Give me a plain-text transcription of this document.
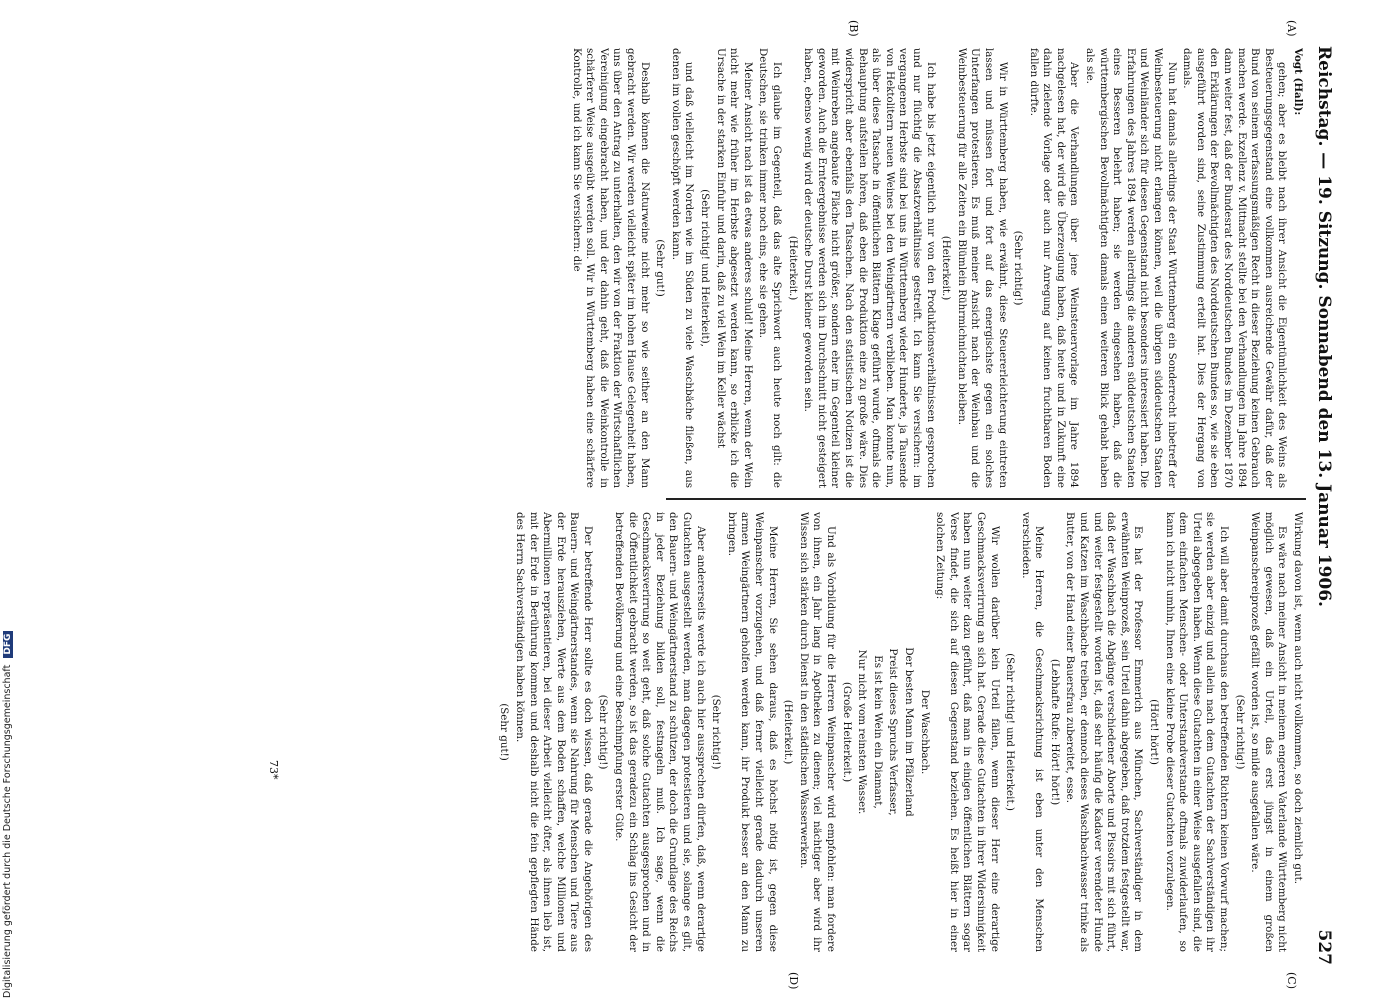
Reichstag. — 19. Sitzung. Sonnabend den 13. Januar 1906.
527
(A)
(B)
(C)
(D)

Vogt (Hall):

gehen; aber es bleibt nach ihrer Ansicht die Eigentümlichkeit des Weins als Besteuerungsgegenstand eine vollkommen ausreichende Gewähr dafür, daß der Bund von seinem verfassungsmäßigen Recht in dieser Beziehung keinen Gebrauch machen werde. Exzellenz v. Mittnacht stellte bei den Verhandlungen im Jahre 1894 dann weiter fest, daß der Bundesrat des Norddeutschen Bundes im Dezember 1870 den Erklärungen der Bevollmächtigten des Norddeutschen Bundes so, wie sie eben ausgeführt worden sind, seine Zustimmung erteilt hat. Dies der Hergang von damals.

Nun hat damals allerdings der Staat Württemberg ein Sonderrecht inbetreff der Weinbesteuerung nicht erlangen können, weil die übrigen süddeutschen Staaten und Weinländer sich für diesen Gegenstand nicht besonders interessiert haben. Die Erfahrungen des Jahres 1894 werden allerdings die anderen süddeutschen Staaten eines Besseren belehrt haben; sie werden eingesehen haben, daß die württembergischen Bevollmächtigten damals einen weiteren Blick gehabt haben als sie.

Aber die Verhandlungen über jene Weinsteuervorlage im Jahre 1894 nachgelesen hat, der wird die Überzeugung haben, daß heute und in Zukunft eine dahin zielende Vorlage oder auch nur Anregung auf keinen fruchtbaren Boden fallen dürfte.

(Sehr richtig!)

Wir in Württemberg haben, wie erwähnt, diese Steuererleichterung eintreten lassen und müssen fort und fort auf das energischste gegen ein solches Unterfangen protestieren. Es muß meiner Ansicht nach der Weinbau und die Weinbesteuerung für alle Zeiten ein Blümlein Rührmichnichtan bleiben.

(Heiterkeit.)

Ich habe bis jetzt eigentlich nur von den Produktionsverhältnissen gesprochen und nur flüchtig die Absatzverhältnisse gestreift. Ich kann Sie versichern: im vergangenen Herbste sind bei uns in Württemberg wieder Hunderte, ja Tausende von Hektolitern neuen Weines bei den Weingärtnern verblieben. Man konnte nun, als über diese Tatsache in öffentlichen Blättern Klage geführt wurde, oftmals die Behauptung aufstellen hören, daß eben die Produktion eine zu große wäre. Dies widerspricht aber ebenfalls den Tatsachen. Nach den statistischen Notizen ist die mit Weinreben angebaute Fläche nicht größer, sondern eher im Gegenteil kleiner geworden. Auch die Ernteergebnisse werden sich im Durchschnitt nicht gesteigert haben, ebenso wenig wird der deutsche Durst kleiner geworden sein.

(Heiterkeit.)

Ich glaube im Gegenteil, daß das alte Sprichwort auch heute noch gilt: die Deutschen, sie trinken immer noch eins, ehe sie gehen.

Meiner Ansicht nach ist da etwas anderes schuld! Meine Herren, wenn der Wein nicht mehr wie früher im Herbste abgesetzt werden kann, so erblicke ich die Ursache in der starken Einfuhr und darin, daß zu viel Wein im Keller wächst

(Sehr richtig! und Heiterkeit),

und daß vielleicht im Norden wie im Süden zu viele Waschbäche fließen, aus denen im vollen geschöpft werden kann.

(Sehr gut!)

Deshalb können die Naturweine nicht mehr so wie seither an den Mann gebracht werden. Wir werden vielleicht später im hohen Hause Gelegenheit haben, uns über den Antrag zu unterhalten, den wir von der Fraktion der Wirtschaftlichen Vereinigung eingebracht haben, und der dahin geht, daß die Weinkontrolle in schärferer Weise ausgeübt werden soll. Wir in Württemberg haben eine schärfere Kontrolle, und ich kann Sie versichern: die

Wirkung davon ist, wenn auch nicht vollkommen, so doch ziemlich gut.

Es wäre nach meiner Ansicht in meinem engeren Vaterlande Württemberg nicht möglich gewesen, daß ein Urteil, das erst jüngst in einem großen Weinpanschereiprozeß gefällt worden ist, so milde ausgefallen wäre.

(Sehr richtig!)

Ich will aber damit durchaus den betreffenden Richtern keinen Vorwurf machen; sie werden aber einzig und allein nach dem Gutachten der Sachverständigen ihr Urteil abgegeben haben. Wenn diese Gutachten in einer Weise ausgefallen sind, die dem einfachen Menschen- oder Unterstandverstande oftmals zuwiderlaufen, so kann ich nicht umhin, Ihnen eine kleine Probe dieser Gutachten vorzulegen.

(Hört! hört!)

Es hat der Professor Emmerich aus München, Sachverständiger in dem erwähnten Weinprozeß, sein Urteil dahin abgegeben, daß trotzdem festgestellt war, daß der Waschbach die Abgänge verschiedener Aborte und Pissoirs mit sich führt, und weiter festgestellt worden ist, daß sehr häufig die Kadaver verendeter Hunde und Katzen im Waschbache treiben, er dennoch dieses Waschbachwasser trinke als Butter, von der Hand einer Bauersfrau zubereitet, esse.

(Lebhafte Rufe: Hört! hört!)

Meine Herren, die Geschmacksrichtung ist eben unter den Menschen verschieden.

(Sehr richtig! und Heiterkeit.)

Wir wollen darüber kein Urteil fällen, wenn dieser Herr eine derartige Geschmacksverirrung an sich hat. Gerade diese Gutachten in ihrer Widersinnigkeit haben nun weiter dazu geführt, daß man in einigen öffentlichen Blättern sogar Verse findet, die sich auf diesen Gegenstand beziehen. Es heißt hier in einer solchen Zeitung:

Der Waschbach.

Der besten Mann im Pfälzerland

Preist dieses Spruchs Verfasser,

Es ist kein Wein ein Diamant,

Nur nicht vom reinsten Wasser.

(Große Heiterkeit.)

Und als Vorbildung für die Herren Weinpanscher wird empfohlen: man fordere von ihnen, ein Jahr lang in Apotheken zu dienen; viel nächtiger aber wird ihr Wissen sich stärken durch Dienst in den städtischen Wasserwerken.

(Heiterkeit.)

Meine Herren, Sie sehen daraus, daß es höchst nötig ist, gegen diese Weinpanscher vorzugehen, und daß ferner vielleicht gerade dadurch unseren armen Weingärtnern geholfen werden kann, ihr Produkt besser an den Mann zu bringen.

(Sehr richtig!)

Aber andererseits werde ich auch hier aussprechen dürfen, daß, wenn derartige Gutachten ausgestellt werden, man dagegen protestieren und sie, solange es gilt, den Bauern- und Weingärtnerstand zu schützen, der doch die Grundlage des Reichs in jeder Beziehung bilden soll, festnageln muß. Ich sage, wenn die Geschmacksverirrung so weit geht, daß solche Gutachten ausgesprochen und in die Öffentlichkeit gebracht werden, so ist das geradezu ein Schlag ins Gesicht der betreffenden Bevölkerung und eine Beschimpfung erster Güte.

(Sehr richtig!)

Der betreffende Herr sollte es doch wissen, daß gerade die Angehörigen des Bauern- und Weingärtnerstandes, wenn sie Nahrung für Menschen und Tiere aus der Erde herausziehen, Werte aus dem Boden schaffen, welche Millionen und Abermillionen repräsentieren, bei dieser Arbeit vielleicht öfter, als ihnen lieb ist, mit der Erde in Berührung kommen und deshalb nicht die fein gepflegten Hände des Herrn Sachverständigen haben können.

(Sehr gut!)

73*
Digitalisierung gefördert durch die Deutsche Forschungsgemeinschaft DFG
